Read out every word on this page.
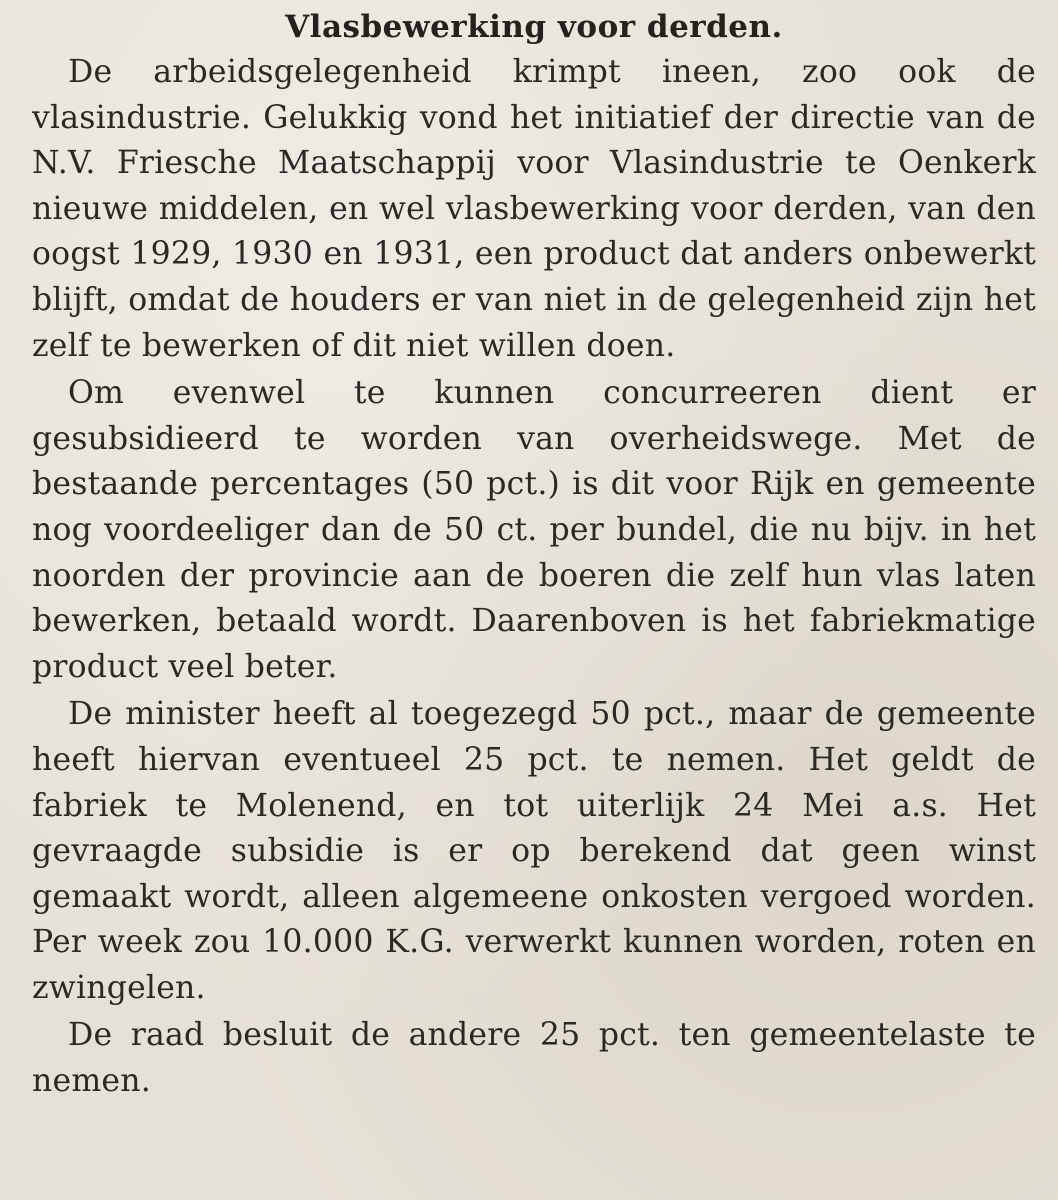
Vlasbewerking voor derden.

De arbeidsgelegenheid krimpt ineen, zoo ook de vlasindustrie. Gelukkig vond het initiatief der directie van de N.V. Friesche Maatschappij voor Vlasindustrie te Oenkerk nieuwe middelen, en wel vlasbewerking voor derden, van den oogst 1929, 1930 en 1931, een product dat anders onbewerkt blijft, omdat de houders er van niet in de gelegenheid zijn het zelf te bewerken of dit niet willen doen.

Om evenwel te kunnen concurreeren dient er gesubsidieerd te worden van overheidswege. Met de bestaande percentages (50 pct.) is dit voor Rijk en gemeente nog voordeeliger dan de 50 ct. per bundel, die nu bijv. in het noorden der provincie aan de boeren die zelf hun vlas laten bewerken, betaald wordt. Daarenboven is het fabriekmatige product veel beter.

De minister heeft al toegezegd 50 pct., maar de gemeente heeft hiervan eventueel 25 pct. te nemen. Het geldt de fabriek te Molenend, en tot uiterlijk 24 Mei a.s. Het gevraagde subsidie is er op berekend dat geen winst gemaakt wordt, alleen algemeene onkosten vergoed worden. Per week zou 10.000 K.G. verwerkt kunnen worden, roten en zwingelen.

De raad besluit de andere 25 pct. ten gemeentelaste te nemen.
